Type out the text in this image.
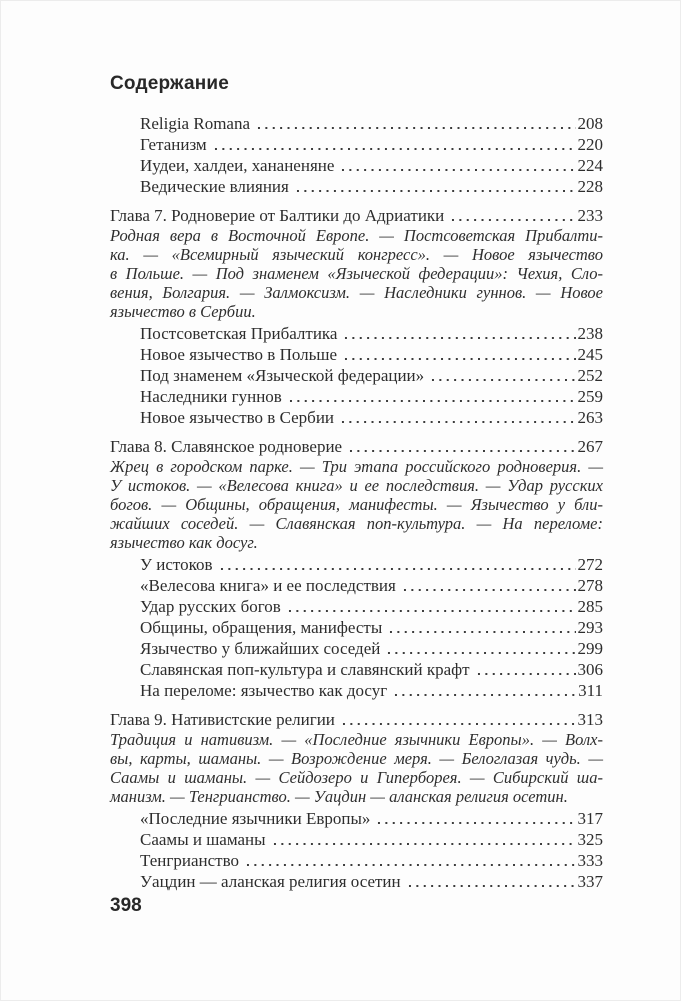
Содержание
Religia Romana	208
Гетанизм	220
Иудеи, халдеи, хананеняне	224
Ведические влияния	228
Глава 7. Родноверие от Балтики до Адриатики	233
Родная вера в Восточной Европе. — Постсоветская Прибалти-
ка. — «Всемирный языческий конгресс». — Новое язычество
в Польше. — Под знаменем «Языческой федерации»: Чехия, Сло-
вения, Болгария. — Залмоксизм. — Наследники гуннов. — Новое
язычество в Сербии.
Постсоветская Прибалтика	238
Новое язычество в Польше	245
Под знаменем «Языческой федерации»	252
Наследники гуннов	259
Новое язычество в Сербии	263
Глава 8. Славянское родноверие	267
Жрец в городском парке. — Три этапа российского родноверия. —
У истоков. — «Велесова книга» и ее последствия. — Удар русских
богов. — Общины, обращения, манифесты. — Язычество у бли-
жайших соседей. — Славянская поп-культура. — На переломе:
язычество как досуг.
У истоков	272
«Велесова книга» и ее последствия	278
Удар русских богов	285
Общины, обращения, манифесты	293
Язычество у ближайших соседей	299
Славянская поп-культура и славянский крафт	306
На переломе: язычество как досуг	311
Глава 9. Нативистские религии	313
Традиция и нативизм. — «Последние язычники Европы». — Волх-
вы, карты, шаманы. — Возрождение меря. — Белоглазая чудь. —
Саамы и шаманы. — Сейдозеро и Гиперборея. — Сибирский ша-
манизм. — Тенгрианство. — Уацдин — аланская религия осетин.
«Последние язычники Европы»	317
Саамы и шаманы	325
Тенгрианство	333
Уацдин — аланская религия осетин	337
398
